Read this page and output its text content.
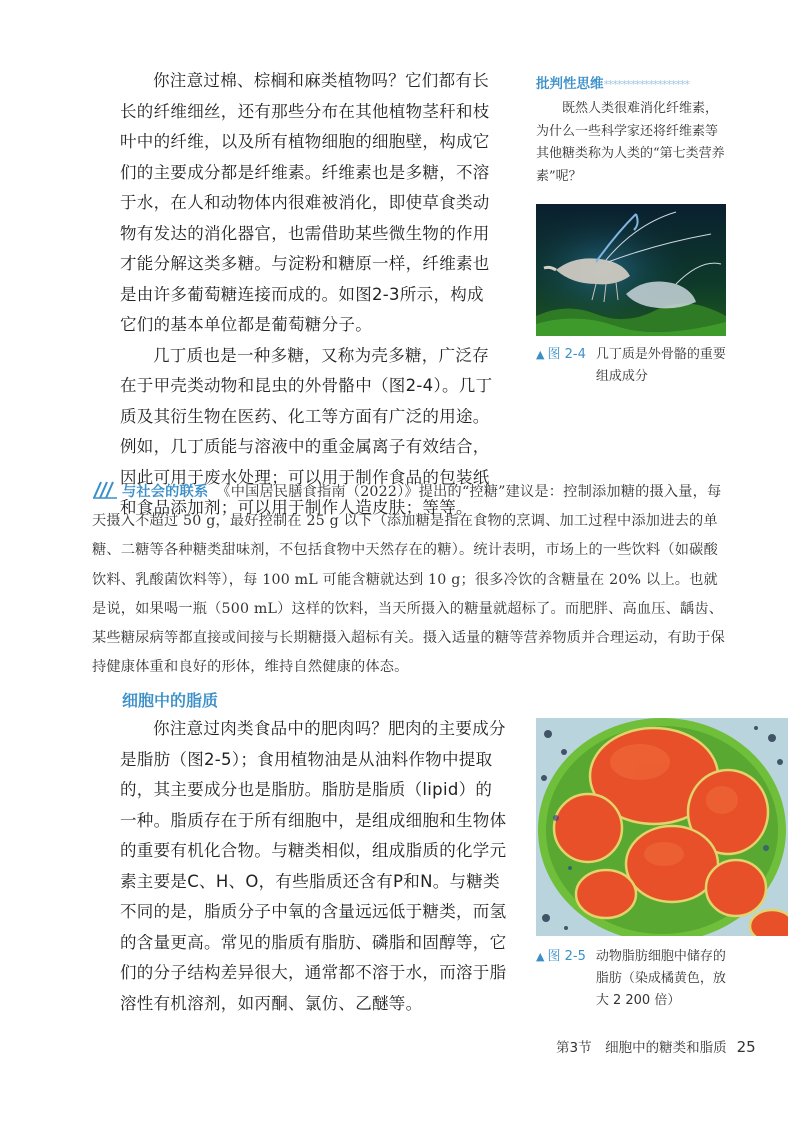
你注意过棉、棕榈和麻类植物吗？它们都有长长的纤维细丝，还有那些分布在其他植物茎秆和枝叶中的纤维，以及所有植物细胞的细胞壁，构成它们的主要成分都是纤维素。纤维素也是多糖，不溶于水，在人和动物体内很难被消化，即使草食类动物有发达的消化器官，也需借助某些微生物的作用才能分解这类多糖。与淀粉和糖原一样，纤维素也是由许多葡萄糖连接而成的。如图2-3所示，构成它们的基本单位都是葡萄糖分子。

几丁质也是一种多糖，又称为壳多糖，广泛存在于甲壳类动物和昆虫的外骨骼中（图2-4）。几丁质及其衍生物在医药、化工等方面有广泛的用途。例如，几丁质能与溶液中的重金属离子有效结合，因此可用于废水处理；可以用于制作食品的包装纸和食品添加剂；可以用于制作人造皮肤；等等。

批判性思维*******************

既然人类很难消化纤维素，为什么一些科学家还将纤维素等其他糖类称为人类的“第七类营养素”呢？

▲ 图 2-4 几丁质是外骨骼的重要组成成分

与社会的联系 《中国居民膳食指南（2022）》提出的“控糖”建议是：控制添加糖的摄入量，每天摄入不超过 50 g，最好控制在 25 g 以下（添加糖是指在食物的烹调、加工过程中添加进去的单糖、二糖等各种糖类甜味剂，不包括食物中天然存在的糖）。统计表明，市场上的一些饮料（如碳酸饮料、乳酸菌饮料等），每 100 mL 可能含糖就达到 10 g；很多冷饮的含糖量在 20% 以上。也就是说，如果喝一瓶（500 mL）这样的饮料，当天所摄入的糖量就超标了。而肥胖、高血压、龋齿、某些糖尿病等都直接或间接与长期糖摄入超标有关。摄入适量的糖等营养物质并合理运动，有助于保持健康体重和良好的形体，维持自然健康的体态。

细胞中的脂质

你注意过肉类食品中的肥肉吗？肥肉的主要成分是脂肪（图2-5）；食用植物油是从油料作物中提取的，其主要成分也是脂肪。脂肪是脂质（lipid）的一种。脂质存在于所有细胞中，是组成细胞和生物体的重要有机化合物。与糖类相似，组成脂质的化学元素主要是C、H、O，有些脂质还含有P和N。与糖类不同的是，脂质分子中氧的含量远远低于糖类，而氢的含量更高。常见的脂质有脂肪、磷脂和固醇等，它们的分子结构差异很大，通常都不溶于水，而溶于脂溶性有机溶剂，如丙酮、氯仿、乙醚等。

▲ 图 2-5 动物脂肪细胞中储存的脂肪（染成橘黄色，放大 2 200 倍）
第3节　细胞中的糖类和脂质 25
